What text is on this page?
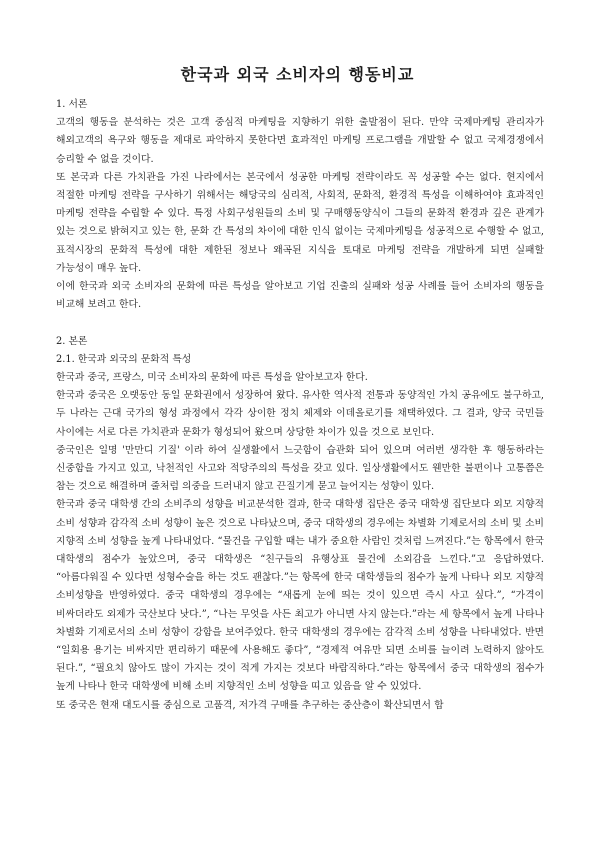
한국과 외국 소비자의 행동비교

1. 서론

고객의 행동을 분석하는 것은 고객 중심적 마케팅을 지향하기 위한 출발점이 된다. 만약 국제마케팅 관리자가 해외고객의 욕구와 행동을 제대로 파악하지 못한다면 효과적인 마케팅 프로그램을 개발할 수 없고 국제경쟁에서 승리할 수 없을 것이다.

또 본국과 다른 가치관을 가진 나라에서는 본국에서 성공한 마케팅 전략이라도 꼭 성공할 수는 없다. 현지에서 적절한 마케팅 전략을 구사하기 위해서는 해당국의 심리적, 사회적, 문화적, 환경적 특성을 이해하여야 효과적인 마케팅 전략을 수립할 수 있다. 특정 사회구성원들의 소비 및 구매행동양식이 그들의 문화적 환경과 깊은 관계가 있는 것으로 밝혀지고 있는 한, 문화 간 특성의 차이에 대한 인식 없이는 국제마케팅을 성공적으로 수행할 수 없고, 표적시장의 문화적 특성에 대한 제한된 정보나 왜곡된 지식을 토대로 마케팅 전략을 개발하게 되면 실패할 가능성이 매우 높다.

이에 한국과 외국 소비자의 문화에 따른 특성을 알아보고 기업 진출의 실패와 성공 사례를 들어 소비자의 행동을 비교해 보려고 한다.

2. 본론

2.1. 한국과 외국의 문화적 특성

한국과 중국, 프랑스, 미국 소비자의 문화에 따른 특성을 알아보고자 한다.

한국과 중국은 오랫동안 동일 문화권에서 성장하여 왔다. 유사한 역사적 전통과 동양적인 가치 공유에도 불구하고, 두 나라는 근대 국가의 형성 과정에서 각각 상이한 정치 체제와 이데올로기를 채택하였다. 그 결과, 양국 국민들 사이에는 서로 다른 가치관과 문화가 형성되어 왔으며 상당한 차이가 있을 것으로 보인다.

중국인은 일명 '만만디 기질' 이라 하여 실생활에서 느긋함이 습관화 되어 있으며 여러번 생각한 후 행동하라는 신중함을 가지고 있고, 낙천적인 사고와 적당주의의 특성을 갖고 있다. 일상생활에서도 웬만한 불편이나 고통쯤은 참는 것으로 해결하며 줄처럼 의중을 드러내지 않고 끈질기게 묻고 늘어지는 성향이 있다.

한국과 중국 대학생 간의 소비주의 성향을 비교분석한 결과, 한국 대학생 집단은 중국 대학생 집단보다 외모 지향적 소비 성향과 감각적 소비 성향이 높은 것으로 나타났으며, 중국 대학생의 경우에는 차별화 기제로서의 소비 및 소비 지향적 소비 성향을 높게 나타내었다. “물건을 구입할 때는 내가 중요한 사람인 것처럼 느껴진다.”는 항목에서 한국 대학생의 점수가 높았으며, 중국 대학생은 “친구들의 유행상표 물건에 소외감을 느낀다.”고 응답하였다. “아름다워질 수 있다면 성형수술을 하는 것도 괜찮다.”는 항목에 한국 대학생들의 점수가 높게 나타나 외모 지향적 소비성향을 반영하였다. 중국 대학생의 경우에는 “새롭게 눈에 띄는 것이 있으면 즉시 사고 싶다.”, “가격이 비싸더라도 외제가 국산보다 낫다.”, “나는 무엇을 사든 최고가 아니면 사지 않는다.”라는 세 항목에서 높게 나타나 차별화 기제로서의 소비 성향이 강함을 보여주었다. 한국 대학생의 경우에는 감각적 소비 성향을 나타내었다. 반면 “일회용 용기는 비싸지만 편리하기 때문에 사용해도 좋다”, “경제적 여유만 되면 소비를 늘이려 노력하지 않아도 된다.”, “필요치 않아도 많이 가지는 것이 적게 가지는 것보다 바람직하다.”라는 항목에서 중국 대학생의 점수가 높게 나타나 한국 대학생에 비해 소비 지향적인 소비 성향을 띠고 있음을 알 수 있었다.

또 중국은 현재 대도시를 중심으로 고품격, 저가격 구매를 추구하는 중산층이 확산되면서 합
